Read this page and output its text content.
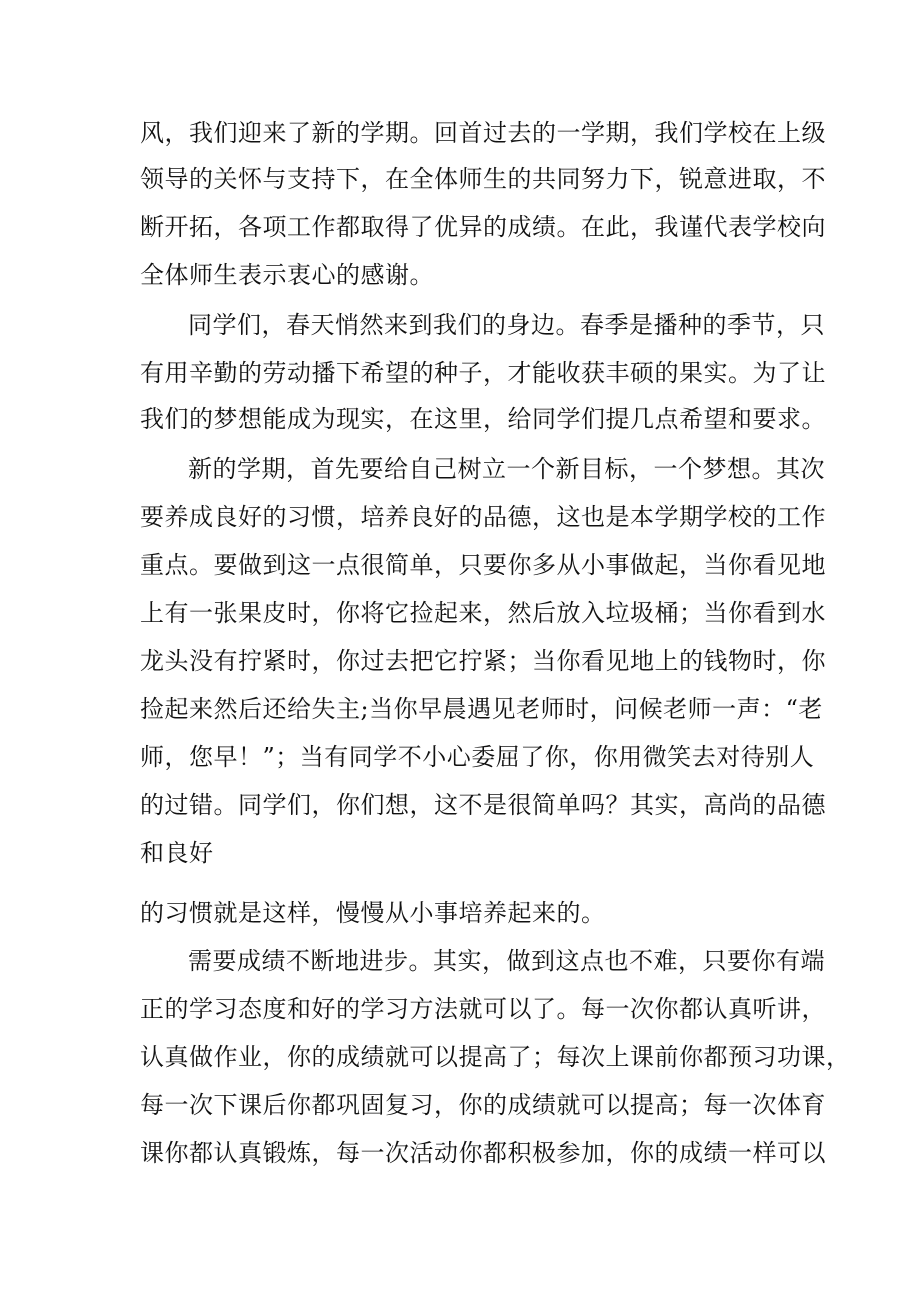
风，我们迎来了新的学期。回首过去的一学期，我们学校在上级
领导的关怀与支持下，在全体师生的共同努力下，锐意进取，不
断开拓，各项工作都取得了优异的成绩。在此，我谨代表学校向
全体师生表示衷心的感谢。
同学们，春天悄然来到我们的身边。春季是播种的季节，只
有用辛勤的劳动播下希望的种子，才能收获丰硕的果实。为了让
我们的梦想能成为现实，在这里，给同学们提几点希望和要求。
新的学期，首先要给自己树立一个新目标，一个梦想。其次
要养成良好的习惯，培养良好的品德，这也是本学期学校的工作
重点。要做到这一点很简单，只要你多从小事做起，当你看见地
上有一张果皮时，你将它捡起来，然后放入垃圾桶；当你看到水
龙头没有拧紧时，你过去把它拧紧；当你看见地上的钱物时，你
捡起来然后还给失主;当你早晨遇见老师时，问候老师一声：“老
师，您早！”；当有同学不小心委屈了你，你用微笑去对待别人
的过错。同学们，你们想，这不是很简单吗？其实，高尚的品德
和良好
的习惯就是这样，慢慢从小事培养起来的。
需要成绩不断地进步。其实，做到这点也不难，只要你有端
正的学习态度和好的学习方法就可以了。每一次你都认真听讲，
认真做作业，你的成绩就可以提高了；每次上课前你都预习功课，
每一次下课后你都巩固复习，你的成绩就可以提高；每一次体育
课你都认真锻炼，每一次活动你都积极参加，你的成绩一样可以
